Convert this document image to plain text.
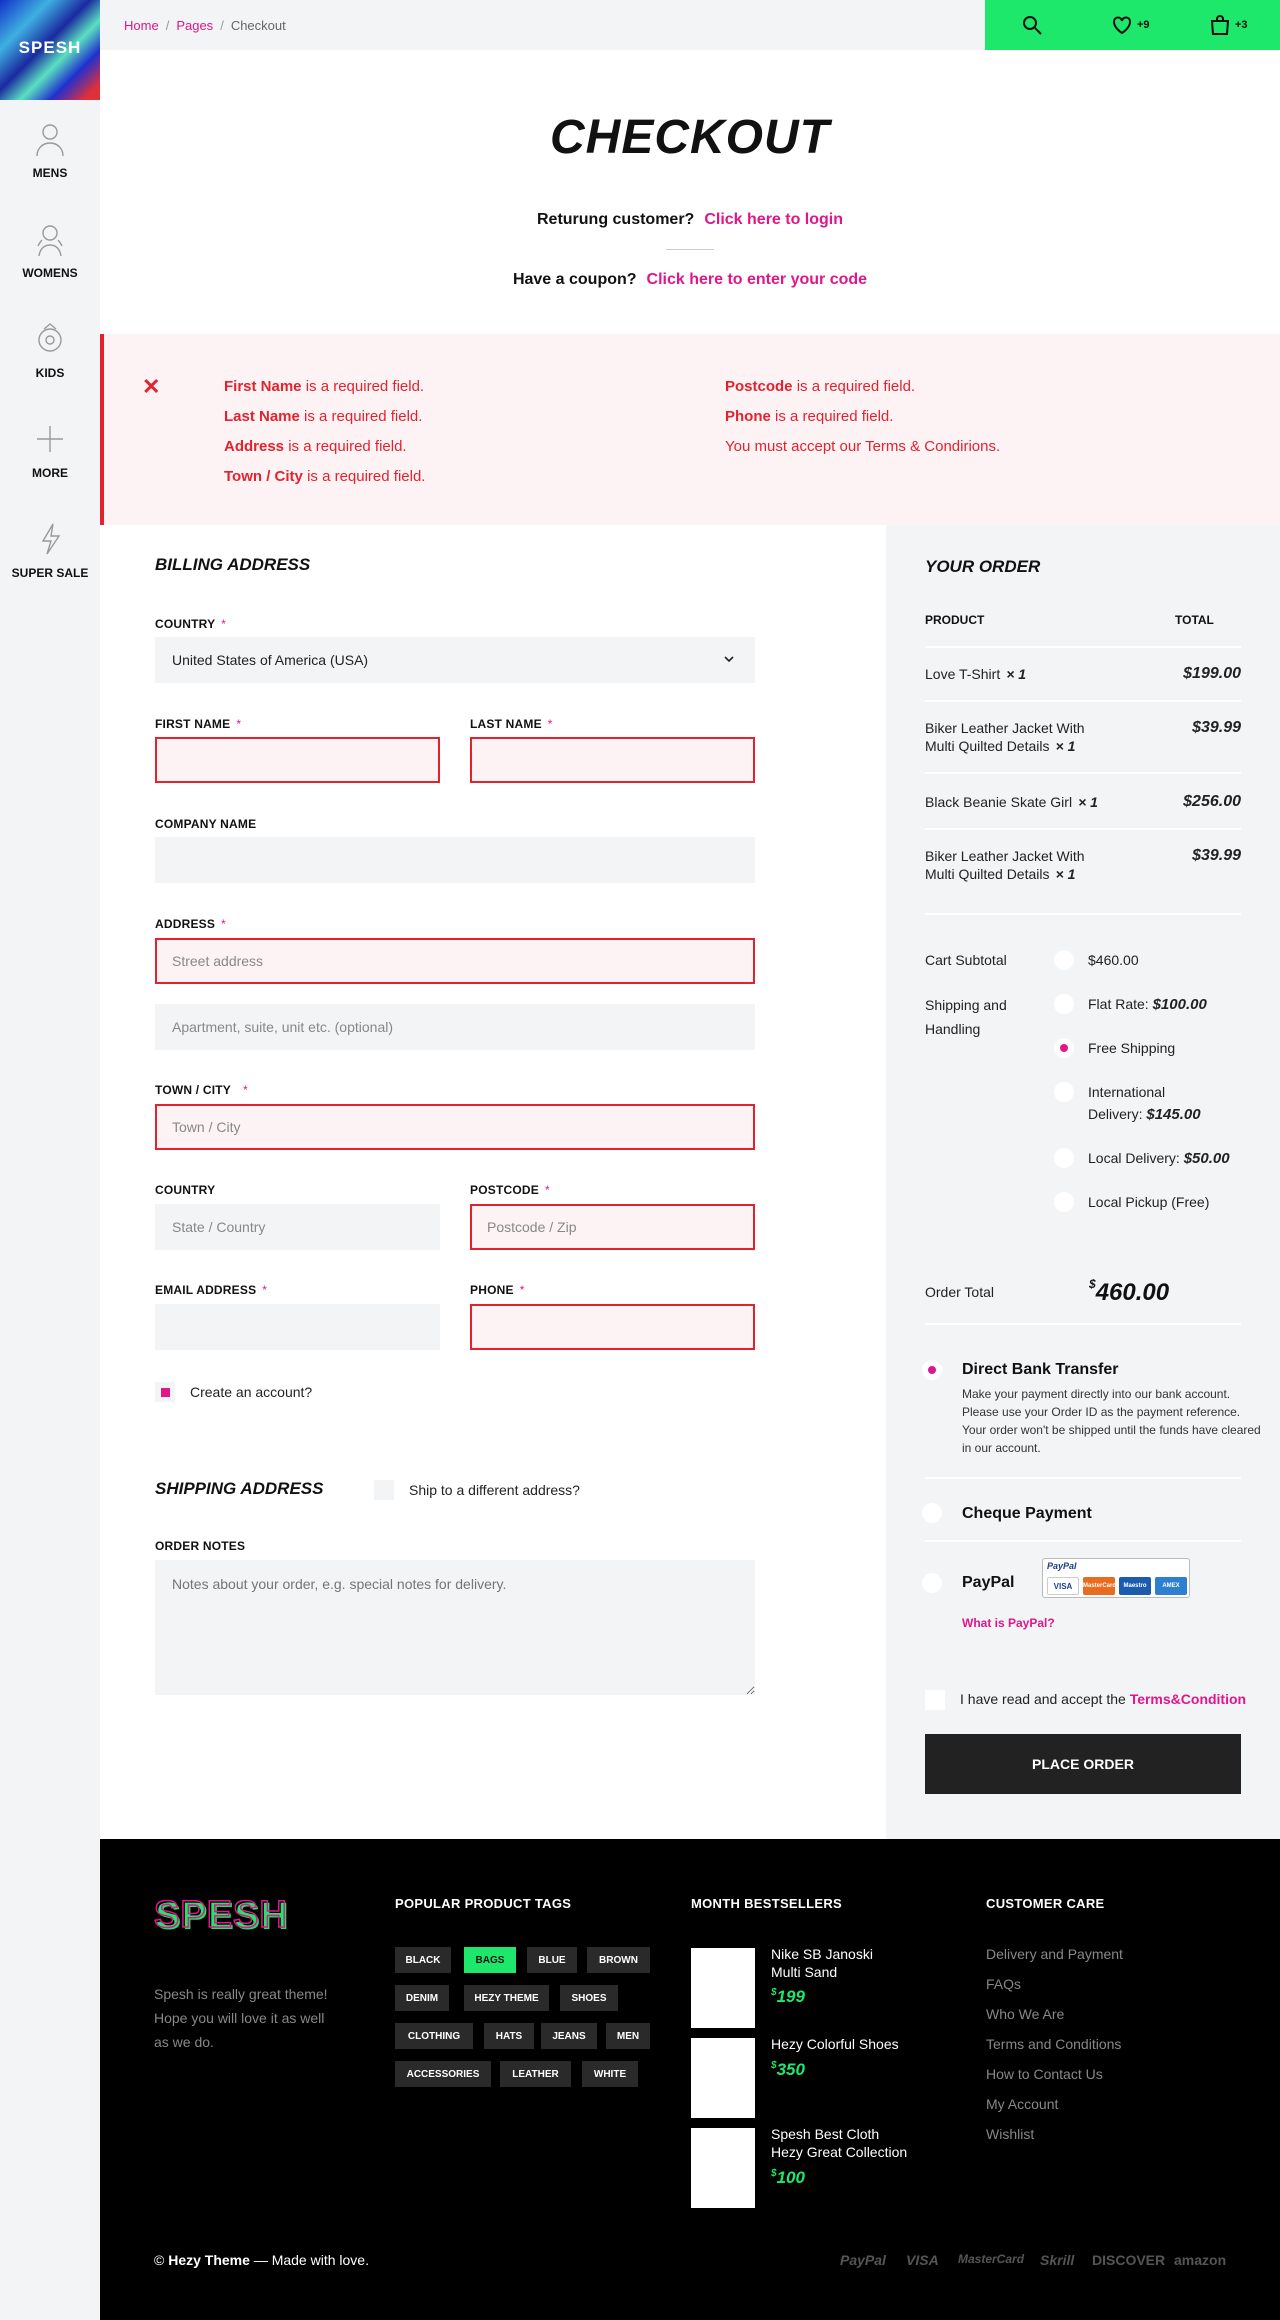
SPESH
MENS
WOMENS
KIDS
MORE
SUPER SALE
Home / Pages / Checkout	+9	+3
CHECKOUT
Returung customer? Click here to login
Have a coupon? Click here to enter your code
✕	First Name is a required field.
Last Name is a required field.
Address is a required field.
Town / City is a required field.
Postcode is a required field.
Phone is a required field.
You must accept our Terms & Condirions.
BILLING ADDRESS
COUNTRY *
United States of America (USA)
FIRST NAME *	LAST NAME *
COMPANY NAME
ADDRESS *
Street address
Apartment, suite, unit etc. (optional)
TOWN / CITY *
Town / City
COUNTRY
State / Country
POSTCODE *
Postcode / Zip
EMAIL ADDRESS *	PHONE *
Create an account?
SHIPPING ADDRESS	Ship to a different address?
ORDER NOTES
Notes about your order, e.g. special notes for delivery.
YOUR ORDER
PRODUCT	TOTAL
Love T-Shirt × 1	$199.00
Biker Leather Jacket With Multi Quilted Details × 1
$39.99
Black Beanie Skate Girl × 1	$256.00
Biker Leather Jacket With Multi Quilted Details × 1
$39.99
Cart Subtotal	$460.00
Shipping and Handling
Flat Rate: $100.00
Free Shipping
International Delivery: $145.00
Local Delivery: $50.00
Local Pickup (Free)
Order Total	$460.00
Direct Bank Transfer
Make your payment directly into our bank account. Please use your Order ID as the payment reference. Your order won't be shipped until the funds have cleared in our account.
Cheque Payment
PayPal
PayPal
VISA	MasterCard	Maestro	AMEX
What is PayPal?
I have read and accept the Terms&Condition
PLACE ORDER
SPESH
Spesh is really great theme! Hope you will love it as well as we do.
POPULAR PRODUCT TAGS
BLACK	BAGS	BLUE	BROWN
DENIM	HEZY THEME	SHOES
CLOTHING	HATS	JEANS	MEN
ACCESSORIES	LEATHER	WHITE
MONTH BESTSELLERS
Nike SB Janoski Multi Sand
$199
Hezy Colorful Shoes
$350
Spesh Best Cloth Hezy Great Collection
$100
CUSTOMER CARE
Delivery and Payment
FAQs
Who We Are
Terms and Conditions
How to Contact Us
My Account
Wishlist
© Hezy Theme — Made with love.	PayPal VISA MasterCard Skrill DISCOVER amazon
